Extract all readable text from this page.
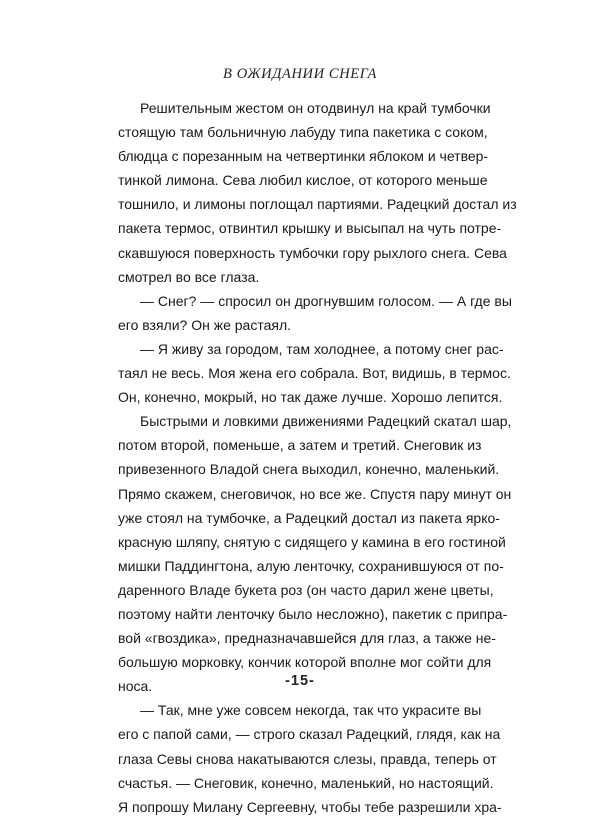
В ОЖИДАНИИ СНЕГА
Решительным жестом он отодвинул на край тумбочки
стоящую там больничную лабуду типа пакетика с соком,
блюдца с порезанным на четвертинки яблоком и четвер-
тинкой лимона. Сева любил кислое, от которого меньше
тошнило, и лимоны поглощал партиями. Радецкий достал из
пакета термос, отвинтил крышку и высыпал на чуть потре-
скавшуюся поверхность тумбочки гору рыхлого снега. Сева
смотрел во все глаза.
— Снег? — спросил он дрогнувшим голосом. — А где вы
его взяли? Он же растаял.
— Я живу за городом, там холоднее, а потому снег рас-
таял не весь. Моя жена его собрала. Вот, видишь, в термос.
Он, конечно, мокрый, но так даже лучше. Хорошо лепится.
Быстрыми и ловкими движениями Радецкий скатал шар,
потом второй, поменьше, а затем и третий. Снеговик из
привезенного Владой снега выходил, конечно, маленький.
Прямо скажем, снеговичок, но все же. Спустя пару минут он
уже стоял на тумбочке, а Радецкий достал из пакета ярко-
красную шляпу, снятую с сидящего у камина в его гостиной
мишки Паддингтона, алую ленточку, сохранившуюся от по-
даренного Владе букета роз (он часто дарил жене цветы,
поэтому найти ленточку было несложно), пакетик с припра-
вой «гвоздика», предназначавшейся для глаз, а также не-
большую морковку, кончик которой вполне мог сойти для
носа.
— Так, мне уже совсем некогда, так что украсите вы
его с папой сами, — строго сказал Радецкий, глядя, как на
глаза Севы снова накатываются слезы, правда, теперь от
счастья. — Снеговик, конечно, маленький, но настоящий.
Я попрошу Милану Сергеевну, чтобы тебе разрешили хра-
-15-
